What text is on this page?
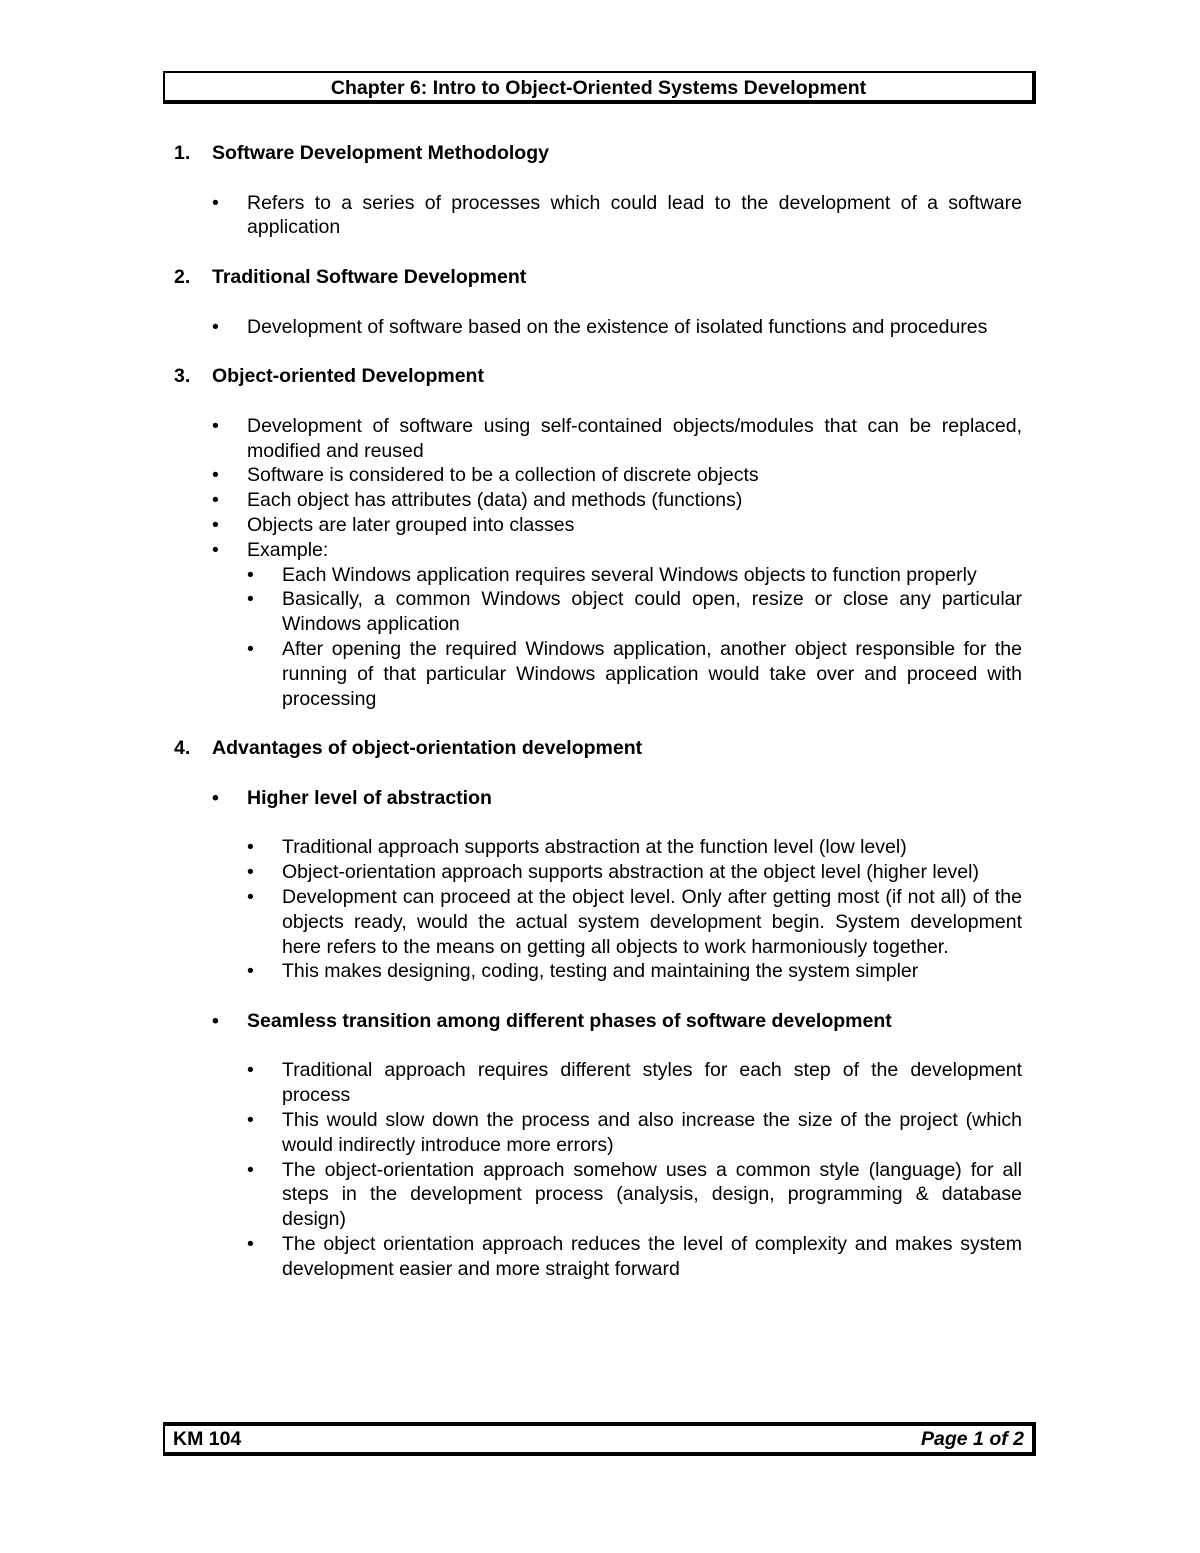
Chapter 6: Intro to Object-Oriented Systems Development
1.	Software Development Methodology
•	Refers to a series of processes which could lead to the development of a software application
2.	Traditional Software Development
•	Development of software based on the existence of isolated functions and procedures
3.	Object-oriented Development
•	Development of software using self-contained objects/modules that can be replaced, modified and reused
•	Software is considered to be a collection of discrete objects
•	Each object has attributes (data) and methods (functions)
•	Objects are later grouped into classes
•	Example:
•	Each Windows application requires several Windows objects to function properly
•	Basically, a common Windows object could open, resize or close any particular Windows application
•	After opening the required Windows application, another object responsible for the running of that particular Windows application would take over and proceed with processing
4.	Advantages of object-orientation development
•	Higher level of abstraction
•	Traditional approach supports abstraction at the function level (low level)
•	Object-orientation approach supports abstraction at the object level (higher level)
•	Development can proceed at the object level. Only after getting most (if not all) of the objects ready, would the actual system development begin. System development here refers to the means on getting all objects to work harmoniously together.
•	This makes designing, coding, testing and maintaining the system simpler
•	Seamless transition among different phases of software development
•	Traditional approach requires different styles for each step of the development process
•	This would slow down the process and also increase the size of the project (which would indirectly introduce more errors)
•	The object-orientation approach somehow uses a common style (language) for all steps in the development process (analysis, design, programming & database design)
•	The object orientation approach reduces the level of complexity and makes system development easier and more straight forward
KM 104	Page 1 of 2
